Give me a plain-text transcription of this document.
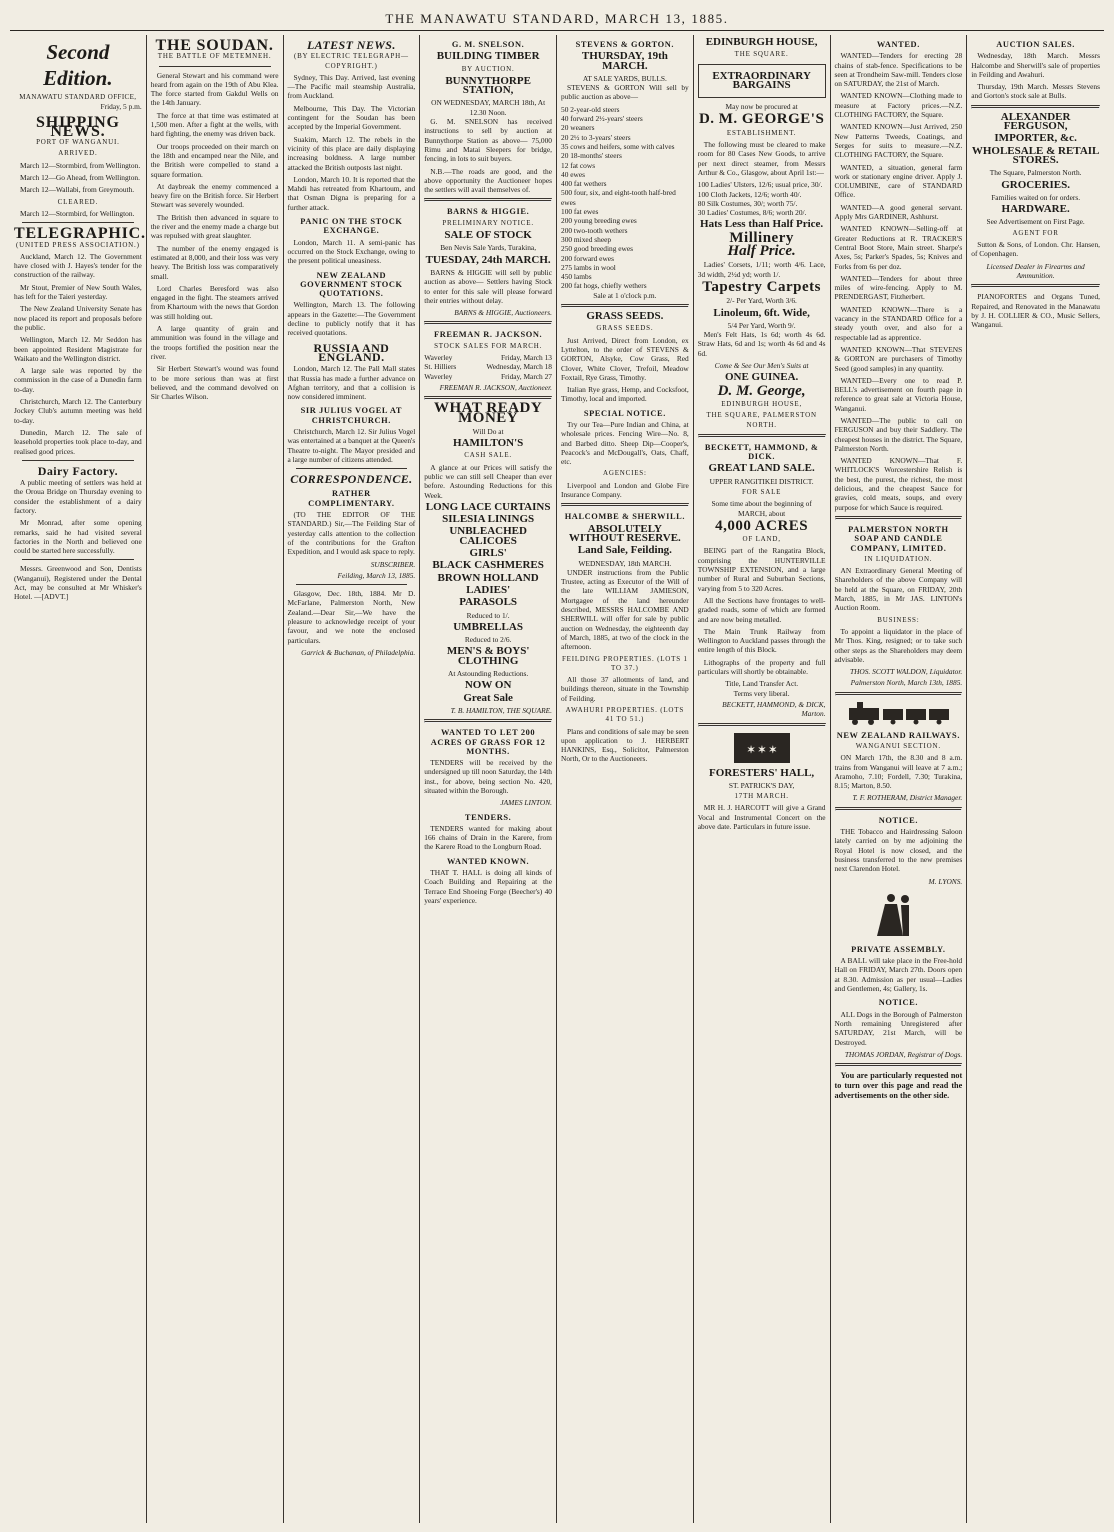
THE MANAWATU STANDARD, MARCH 13, 1885.
Second Edition.
MANAWATU STANDARD OFFICE,
Friday, 5 p.m.
SHIPPING NEWS.
PORT OF WANGANUI.
ARRIVED.

March 12—Stormbird, from Wellington.

March 12—Go Ahead, from Wellington.

March 12—Wallabi, from Greymouth.

CLEARED.

March 12—Stormbird, for Wellington.

TELEGRAPHIC.
(UNITED PRESS ASSOCIATION.)

Auckland, March 12. The Government have closed with J. Hayes's tender for the construction of the railway.

Mr Stout, Premier of New South Wales, has left for the Taieri yesterday.

The New Zealand University Senate has now placed its report and proposals before the public.

Wellington, March 12. Mr Seddon has been appointed Resident Magistrate for Waikato and the Wellington district.

A large sale was reported by the commission in the case of a Dunedin farm to-day.

Christchurch, March 12. The Canterbury Jockey Club's autumn meeting was held to-day.

Dunedin, March 12. The sale of leasehold properties took place to-day, and realised good prices.

Dairy Factory.

A public meeting of settlers was held at the Oroua Bridge on Thursday evening to consider the establishment of a dairy factory.

Mr Monrad, after some opening remarks, said he had visited several factories in the North and believed one could be started here successfully.

Messrs. Greenwood and Son, Dentists (Wanganui), Registered under the Dental Act, may be consulted at Mr Whisker's Hotel. —[ADVT.]

THE SOUDAN.
THE BATTLE OF METEMNEH.

General Stewart and his command were heard from again on the 19th of Abu Klea. The force started from Gakdul Wells on the 14th January.

The force at that time was estimated at 1,500 men. After a fight at the wells, with hard fighting, the enemy was driven back.

Our troops proceeded on their march on the 18th and encamped near the Nile, and the British were compelled to stand a square formation.

At daybreak the enemy commenced a heavy fire on the British force. Sir Herbert Stewart was severely wounded.

The British then advanced in square to the river and the enemy made a charge but was repulsed with great slaughter.

The number of the enemy engaged is estimated at 8,000, and their loss was very heavy. The British loss was comparatively small.

Lord Charles Beresford was also engaged in the fight. The steamers arrived from Khartoum with the news that Gordon was still holding out.

A large quantity of grain and ammunition was found in the village and the troops fortified the position near the river.

Sir Herbert Stewart's wound was found to be more serious than was at first believed, and the command devolved on Sir Charles Wilson.

LATEST NEWS.
(BY ELECTRIC TELEGRAPH—COPYRIGHT.)

Sydney, This Day. Arrived, last evening—The Pacific mail steamship Australia, from Auckland.

Melbourne, This Day. The Victorian contingent for the Soudan has been accepted by the Imperial Government.

Suakim, March 12. The rebels in the vicinity of this place are daily displaying increasing boldness. A large number attacked the British outposts last night.

London, March 10. It is reported that the Mahdi has retreated from Khartoum, and that Osman Digna is preparing for a further attack.

PANIC ON THE STOCK EXCHANGE.

London, March 11. A semi-panic has occurred on the Stock Exchange, owing to the present political uneasiness.

NEW ZEALAND GOVERNMENT STOCK QUOTATIONS.

Wellington, March 13. The following appears in the Gazette:—The Government decline to publicly notify that it has received quotations.

RUSSIA AND ENGLAND.

London, March 12. The Pall Mall states that Russia has made a further advance on Afghan territory, and that a collision is now considered imminent.

SIR JULIUS VOGEL AT CHRISTCHURCH.

Christchurch, March 12. Sir Julius Vogel was entertained at a banquet at the Queen's Theatre to-night. The Mayor presided and a large number of citizens attended.

CORRESPONDENCE.
RATHER COMPLIMENTARY.

(TO THE EDITOR OF THE STANDARD.) Sir,—The Feilding Star of yesterday calls attention to the collection of the contributions for the Grafton Expedition, and I would ask space to reply.

SUBSCRIBER.
Feilding, March 13, 1885.

Glasgow, Dec. 18th, 1884. Mr D. McFarlane, Palmerston North, New Zealand.—Dear Sir,—We have the pleasure to acknowledge receipt of your favour, and we note the enclosed particulars.

Garrick & Buchanan, of Philadelphia.
G. M. SNELSON.
BUILDING TIMBER
BY AUCTION.
BUNNYTHORPE STATION,
ON WEDNESDAY, MARCH 18th, At 12.30 Noon.

G. M. SNELSON has received instructions to sell by auction at Bunnythorpe Station as above— 75,000 Rimu and Matai Sleepers for bridge, fencing, in lots to suit buyers.

N.B.—The roads are good, and the above opportunity the Auctioneer hopes the settlers will avail themselves of.

BARNS & HIGGIE.
PRELIMINARY NOTICE.
SALE OF STOCK
Ben Nevis Sale Yards, Turakina,
TUESDAY, 24th MARCH.

BARNS & HIGGIE will sell by public auction as above— Settlers having Stock to enter for this sale will please forward their entries without delay.

BARNS & HIGGIE, Auctioneers.
FREEMAN R. JACKSON.
STOCK SALES FOR MARCH.
Waverley	Friday, March 13
St. Hilliers	Wednesday, March 18
Waverley	Friday, March 27
FREEMAN R. JACKSON, Auctioneer.
WHAT READY MONEY
Will Do at
HAMILTON'S
CASH SALE.

A glance at our Prices will satisfy the public we can still sell Cheaper than ever before. Astounding Reductions for this Week.

LONG LACE CURTAINS
SILESIA LININGS
UNBLEACHED CALICOES
GIRLS'
BLACK CASHMERES
BROWN HOLLAND
LADIES'
PARASOLS
Reduced to 1/.
UMBRELLAS
Reduced to 2/6.
MEN'S & BOYS' CLOTHING
At Astounding Reductions.
NOW ON
Great Sale
T. B. HAMILTON, THE SQUARE.
WANTED TO LET 200 ACRES OF GRASS FOR 12 MONTHS.

TENDERS will be received by the undersigned up till noon Saturday, the 14th inst., for above, being section No. 420, situated within the Borough.

JAMES LINTON.
TENDERS.

TENDERS wanted for making about 166 chains of Drain in the Karere, from the Karere Road to the Longburn Road.

WANTED KNOWN.

THAT T. HALL is doing all kinds of Coach Building and Repairing at the Terrace End Shoeing Forge (Beecher's) 40 years' experience.

STEVENS & GORTON.
THURSDAY, 19th MARCH.
AT SALE YARDS, BULLS.

STEVENS & GORTON Will sell by public auction as above—

50 2-year-old steers
40 forward 2½-years' steers
20 weaners
20 2½ to 3-years' steers
35 cows and heifers, some with calves
20 18-months' steers
12 fat cows
40 ewes
400 fat wethers
500 four, six, and eight-tooth half-bred ewes
100 fat ewes
200 young breeding ewes
200 two-tooth wethers
300 mixed sheep
250 good breeding ewes
200 forward ewes
275 lambs in wool
450 lambs
200 fat hogs, chiefly wethers
Sale at 1 o'clock p.m.
GRASS SEEDS.
GRASS SEEDS.

Just Arrived, Direct from London, ex Lyttelton, to the order of STEVENS & GORTON, Alsyke, Cow Grass, Red Clover, White Clover, Trefoil, Meadow Foxtail, Rye Grass, Timothy.

Italian Rye grass, Hemp, and Cocksfoot, Timothy, local and imported.

SPECIAL NOTICE.

Try our Tea—Pure Indian and China, at wholesale prices. Fencing Wire—No. 8, and Barbed ditto. Sheep Dip—Cooper's, Peacock's and McDougall's, Oats, Chaff, etc.

AGENCIES:

Liverpool and London and Globe Fire Insurance Company.

HALCOMBE & SHERWILL.
ABSOLUTELY WITHOUT RESERVE.
Land Sale, Feilding.
WEDNESDAY, 18th MARCH.

UNDER instructions from the Public Trustee, acting as Executor of the Will of the late WILLIAM JAMIESON, Mortgagee of the land hereunder described, MESSRS HALCOMBE AND SHERWILL will offer for sale by public auction on Wednesday, the eighteenth day of March, 1885, at two of the clock in the afternoon.

FEILDING PROPERTIES. (LOTS 1 TO 37.)

All those 37 allotments of land, and buildings thereon, situate in the Township of Feilding.

AWAHURI PROPERTIES. (LOTS 41 TO 51.)

Plans and conditions of sale may be seen upon application to J. HERBERT HANKINS, Esq., Solicitor, Palmerston North, Or to the Auctioneers.

EDINBURGH HOUSE,
THE SQUARE.
EXTRAORDINARY BARGAINS
May now be procured at
D. M. GEORGE'S
ESTABLISHMENT.

The following must be cleared to make room for 80 Cases New Goods, to arrive per next direct steamer, from Messrs Arthur & Co., Glasgow, about April 1st:—

100 Ladies' Ulsters, 12/6; usual price, 30/.
100 Cloth Jackets, 12/6; worth 40/.
80 Silk Costumes, 30/; worth 75/.
30 Ladies' Costumes, 8/6; worth 20/.
Hats Less than Half Price.
Millinery
Half Price.

Ladies' Corsets, 1/11; worth 4/6. Lace, 3d width, 2½d yd; worth 1/.

Tapestry Carpets
2/- Per Yard, Worth 3/6.
Linoleum, 6ft. Wide,
5/4 Per Yard, Worth 9/.

Men's Felt Hats, 1s 6d; worth 4s 6d. Straw Hats, 6d and 1s; worth 4s 6d and 4s 6d.

Come & See Our Men's Suits at
ONE GUINEA.
D. M. George,
EDINBURGH HOUSE,
THE SQUARE, PALMERSTON NORTH.
BECKETT, HAMMOND, & DICK.
GREAT LAND SALE.
UPPER RANGITIKEI DISTRICT.
FOR SALE
Some time about the beginning of MARCH, about
4,000 ACRES
OF LAND,

BEING part of the Rangatira Block, comprising the HUNTERVILLE TOWNSHIP EXTENSION, and a large number of Rural and Suburban Sections, varying from 5 to 320 Acres.

All the Sections have frontages to well-graded roads, some of which are formed and are now being metalled.

The Main Trunk Railway from Wellington to Auckland passes through the entire length of this Block.

Lithographs of the property and full particulars will shortly be obtainable.

Title, Land Transfer Act.
Terms very liberal.
BECKETT, HAMMOND, & DICK, Marton.
✶ ✶ ✶
FORESTERS' HALL,
ST. PATRICK'S DAY,
17TH MARCH.

MR H. J. HARCOTT will give a Grand Vocal and Instrumental Concert on the above date. Particulars in future issue.

WANTED.

WANTED—Tenders for erecting 28 chains of stab-fence. Specifications to be seen at Trondheim Saw-mill. Tenders close on SATURDAY, the 21st of March.

WANTED KNOWN—Clothing made to measure at Factory prices.—N.Z. CLOTHING FACTORY, the Square.

WANTED KNOWN—Just Arrived, 250 New Patterns Tweeds, Coatings, and Serges for suits to measure.—N.Z. CLOTHING FACTORY, the Square.

WANTED, a situation, general farm work or stationary engine driver. Apply J. COLUMBINE, care of STANDARD Office.

WANTED—A good general servant. Apply Mrs GARDINER, Ashhurst.

WANTED KNOWN—Selling-off at Greater Reductions at R. TRACKER'S Central Boot Store, Main street. Sharpe's Axes, 5s; Parker's Spades, 5s; Knives and Forks from 6s per doz.

WANTED—Tenders for about three miles of wire-fencing. Apply to M. PRENDERGAST, Fitzherbert.

WANTED KNOWN—There is a vacancy in the STANDARD Office for a steady youth over, and also for a respectable lad as apprentice.

WANTED KNOWN—That STEVENS & GORTON are purchasers of Timothy Seed (good samples) in any quantity.

WANTED—Every one to read P. BELL's advertisement on fourth page in reference to great sale at Victoria House, Wanganui.

WANTED—The public to call on FERGUSON and buy their Saddlery. The cheapest houses in the district. The Square, Palmerston North.

WANTED KNOWN—That F. WHITLOCK'S Worcestershire Relish is the best, the purest, the richest, the most delicious, and the cheapest Sauce for gravies, cold meats, soups, and every purpose for which Sauce is required.

PALMERSTON NORTH SOAP AND CANDLE COMPANY, LIMITED.
IN LIQUIDATION.

AN Extraordinary General Meeting of Shareholders of the above Company will be held at the Square, on FRIDAY, 20th March, 1885, in Mr JAS. LINTON's Auction Room.

BUSINESS:

To appoint a liquidator in the place of Mr Thos. King, resigned; or to take such other steps as the Shareholders may deem advisable.

THOS. SCOTT WALDON, Liquidator.
Palmerston North, March 13th, 1885.
NEW ZEALAND RAILWAYS.
WANGANUI SECTION.

ON March 17th, the 8.30 and 8 a.m. trains from Wanganui will leave at 7 a.m.; Aramoho, 7.10; Fordell, 7.30; Turakina, 8.15; Marton, 8.50.

T. F. ROTHERAM, District Manager.
NOTICE.

THE Tobacco and Hairdressing Saloon lately carried on by me adjoining the Royal Hotel is now closed, and the business transferred to the new premises next Clarendon Hotel.

M. LYONS.
PRIVATE ASSEMBLY.

A BALL will take place in the Free-hold Hall on FRIDAY, March 27th. Doors open at 8.30. Admission as per usual—Ladies and Gentlemen, 4s; Gallery, 1s.

NOTICE.

ALL Dogs in the Borough of Palmerston North remaining Unregistered after SATURDAY, 21st March, will be Destroyed.

THOMAS JORDAN, Registrar of Dogs.

You are particularly requested not to turn over this page and read the advertisements on the other side.

AUCTION SALES.

Wednesday, 18th March. Messrs Halcombe and Sherwill's sale of properties in Feilding and Awahuri.

Thursday, 19th March. Messrs Stevens and Gorton's stock sale at Bulls.

ALEXANDER FERGUSON,
IMPORTER, &c.
WHOLESALE & RETAIL STORES.
The Square, Palmerston North.
GROCERIES.
Families waited on for orders.
HARDWARE.
See Advertisement on First Page.
AGENT FOR

Sutton & Sons, of London. Chr. Hansen, of Copenhagen.

Licensed Dealer in Firearms and Ammunition.

PIANOFORTES and Organs Tuned, Repaired, and Renovated in the Manawatu by J. H. COLLIER & CO., Music Sellers, Wanganui.
